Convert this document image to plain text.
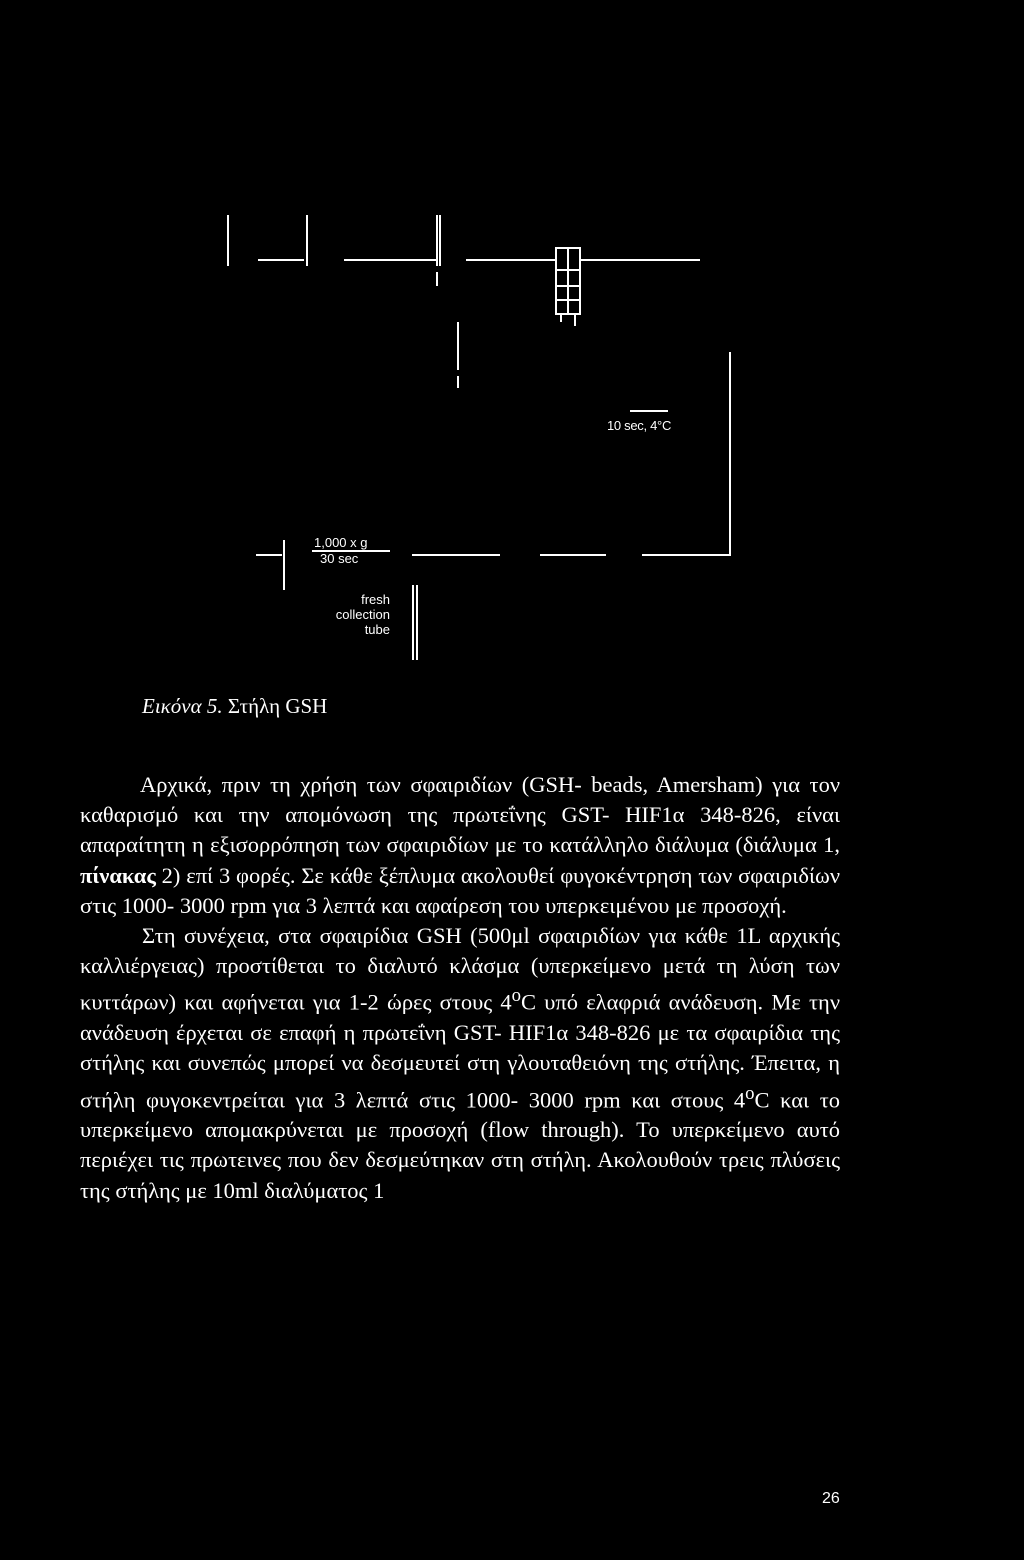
10 sec, 4°C
1,000 x g
30 sec
fresh
collection
tube
Εικόνα 5. Στήλη GSH

Αρχικά, πριν τη χρήση των σφαιριδίων (GSH- beads, Amersham) για τον καθαρισμό και την απομόνωση της πρωτεΐνης GST- HIF1α 348-826, είναι απαραίτητη η εξισορρόπηση των σφαιριδίων με το κατάλληλο διάλυμα (διάλυμα 1, πίνακας 2) επί 3 φορές. Σε κάθε ξέπλυμα ακολουθεί φυγοκέντρηση των σφαιριδίων στις 1000- 3000 rpm για 3 λεπτά και αφαίρεση του υπερκειμένου με προσοχή.

Στη συνέχεια, στα σφαιρίδια GSH (500μl σφαιριδίων για κάθε 1L αρχικής καλλιέργειας) προστίθεται το διαλυτό κλάσμα (υπερκείμενο μετά τη λύση των κυττάρων) και αφήνεται για 1-2 ώρες στους 4$^o$C υπό ελαφριά ανάδευση. Με την ανάδευση έρχεται σε επαφή η πρωτεΐνη GST- HIF1α 348-826 με τα σφαιρίδια της στήλης και συνεπώς μπορεί να δεσμευτεί στη γλουταθειόνη της στήλης. Έπειτα, η στήλη φυγοκεντρείται για 3 λεπτά στις 1000- 3000 rpm και στους 4$^o$C και το υπερκείμενο απομακρύνεται με προσοχή (flow through). Το υπερκείμενο αυτό περιέχει τις πρωτεινες που δεν δεσμεύτηκαν στη στήλη. Ακολουθούν τρεις πλύσεις της στήλης με 10ml διαλύματος 1

26
